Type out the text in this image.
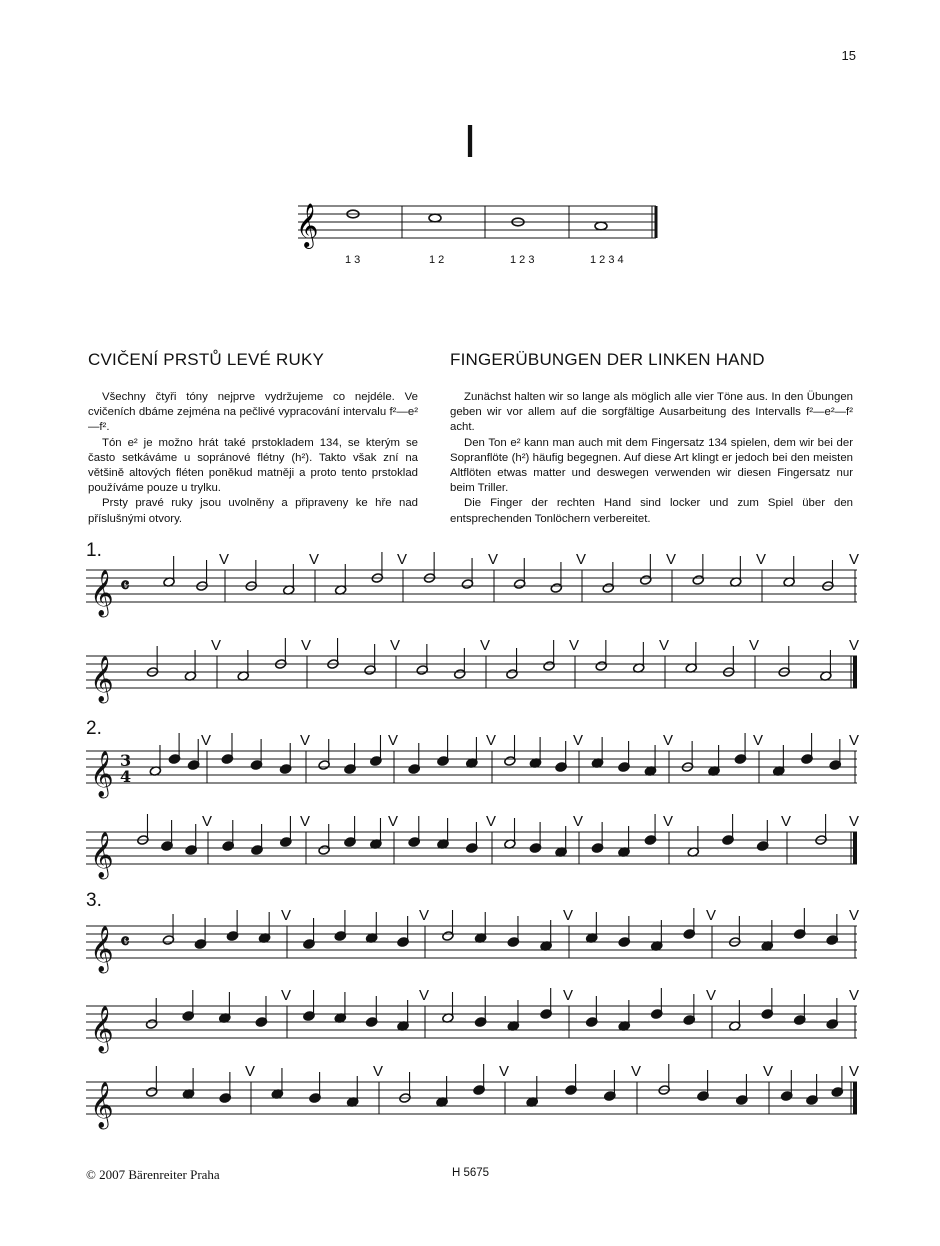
15
I
𝄞
1 3	1 2	1 2 3	1 2 3 4
CVIČENÍ PRSTŮ LEVÉ RUKY	FINGERÜBUNGEN DER LINKEN HAND

Všechny čtyři tóny nejprve vydržujeme co nejdéle. Ve cvičeních dbáme zejména na pečlivé vypracování intervalu f²—e²—f².

Tón e² je možno hrát také prstokladem 134, se kterým se často setkáváme u sopránové flétny (h²). Takto však zní na většině altových fléten poněkud matněji a proto tento prstoklad používáme pouze u trylku.

Prsty pravé ruky jsou uvolněny a připraveny ke hře nad příslušnými otvory.

Zunächst halten wir so lange als möglich alle vier Töne aus. In den Übungen geben wir vor allem auf die sorgfältige Ausarbeitung des Intervalls f²—e²—f² acht.

Den Ton e² kann man auch mit dem Fingersatz 134 spielen, dem wir bei der Sopranflöte (h²) häufig begegnen. Auf diese Art klingt er jedoch bei den meisten Altflöten etwas matter und deswegen verwenden wir diesen Fingersatz nur beim Triller.

Die Finger der rechten Hand sind locker und zum Spiel über den entsprechenden Tonlöchern verbereitet.

𝄞 𝄴
V	V	V	V	V	V	V	V
𝄞
V	V	V	V	V	V	V	V
𝄞 3
4
V	V	V	V	V	V	V	V
𝄞
V	V	V	V	V	V	V	V
𝄞 𝄴
V	V	V	V	V
𝄞
V	V	V	V	V
𝄞
V	V	V	V	V	V
1.
2.
3.
© 2007 Bärenreiter Praha	H 5675
